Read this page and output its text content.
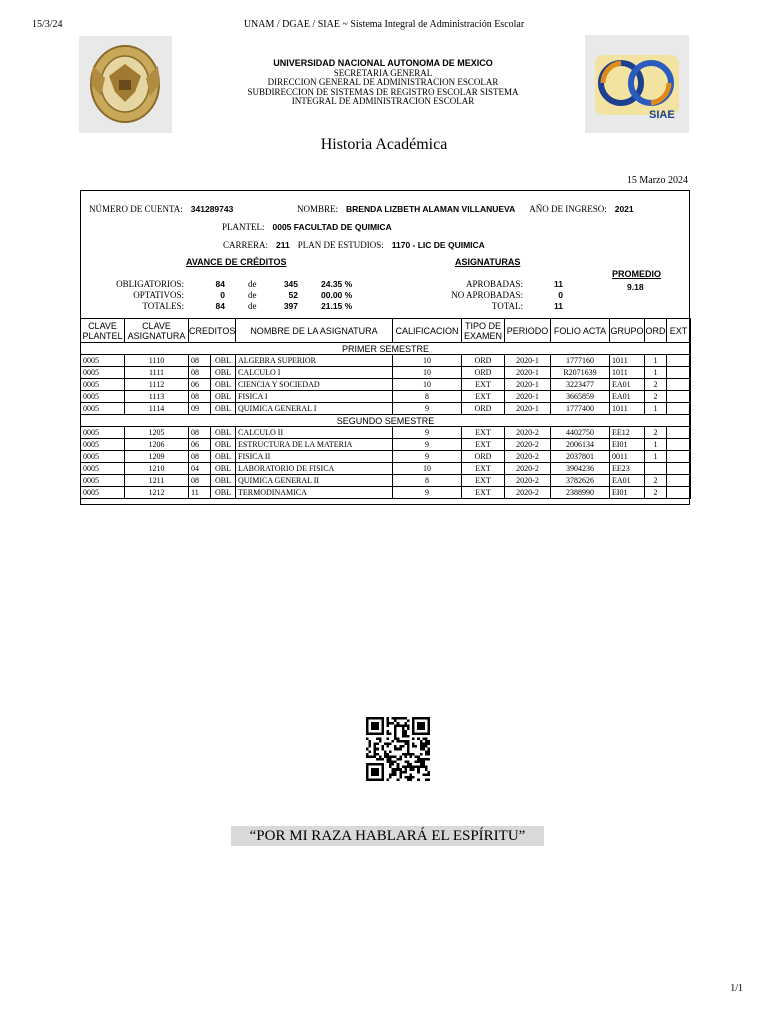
15/3/24	UNAM / DGAE / SIAE ~ Sistema Integral de Administración Escolar
UNIVERSIDAD NACIONAL AUTONOMA DE MEXICO
SECRETARIA GENERAL
DIRECCION GENERAL DE ADMINISTRACION ESCOLAR
SUBDIRECCION DE SISTEMAS DE REGISTRO ESCOLAR SISTEMA
INTEGRAL DE ADMINISTRACION ESCOLAR
SIAE
Historia Académica
15 Marzo 2024
NÚMERO DE CUENTA: 341289743	NOMBRE: BRENDA LIZBETH ALAMAN VILLANUEVA AÑO DE INGRESO: 2021
PLANTEL: 0005 FACULTAD DE QUIMICA
CARRERA: 211 PLAN DE ESTUDIOS: 1170 - LIC DE QUIMICA
AVANCE DE CRÉDITOS	ASIGNATURAS
PROMEDIO
OBLIGATORIOS:	84	de	345	24.35 %
OPTATIVOS:	0	de	52	00.00 %
TOTALES:	84	de	397	21.15 %
APROBADAS:	11
NO APROBADAS:	0
TOTAL:	11
9.18
CLAVE PLANTEL	CLAVE ASIGNATURA	CREDITOS		NOMBRE DE LA ASIGNATURA	CALIFICACION	TIPO DE EXAMEN	PERIODO	FOLIO ACTA	GRUPO	ORD	EXT
PRIMER SEMESTRE											
0005	1110	08	OBL	ALGEBRA SUPERIOR	10	ORD	2020-1	1777160	1011	1	
0005	1111	08	OBL	CALCULO I	10	ORD	2020-1	R2071639	1011	1	
0005	1112	06	OBL	CIENCIA Y SOCIEDAD	10	EXT	2020-1	3223477	EA01	2	
0005	1113	08	OBL	FISICA I	8	EXT	2020-1	3665859	EA01	2	
0005	1114	09	OBL	QUIMICA GENERAL I	9	ORD	2020-1	1777400	1011	1	
SEGUNDO SEMESTRE											
0005	1205	08	OBL	CALCULO II	9	EXT	2020-2	4402750	EE12	2	
0005	1206	06	OBL	ESTRUCTURA DE LA MATERIA	9	EXT	2020-2	2006134	EI01	1	
0005	1209	08	OBL	FISICA II	9	ORD	2020-2	2037801	0011	1	
0005	1210	04	OBL	LABORATORIO DE FISICA	10	EXT	2020-2	3904236	EE23		
0005	1211	08	OBL	QUIMICA GENERAL II	8	EXT	2020-2	3782626	EA01	2	
0005	1212	11	OBL	TERMODINAMICA	9	EXT	2020-2	2388990	EI01	2	
“POR MI RAZA HABLARÁ EL ESPÍRITU”
1/1
